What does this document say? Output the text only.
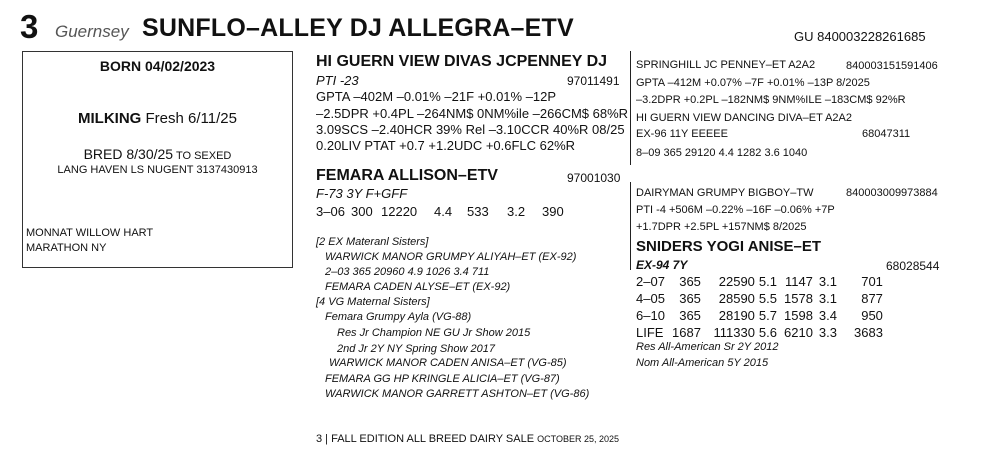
3 Guernsey SUNFLO–ALLEY DJ ALLEGRA–ETV	GU 840003228261685
BORN 04/02/2023
MILKING Fresh 6/11/25
BRED 8/30/25 TO SEXED
LANG HAVEN LS NUGENT 3137430913
MONNAT WILLOW HART
MARATHON NY
HI GUERN VIEW DIVAS JCPENNEY DJ
PTI -23	97011491
GPTA –402M –0.01% –21F +0.01% –12P
–2.5DPR +0.4PL –264NM$ 0NM%ile –266CM$ 68%R
3.09SCS –2.40HCR 39% Rel –3.10CCR 40%R 08/25
0.20LIV PTAT +0.7 +1.2UDC +0.6FLC 62%R
FEMARA ALLISON–ETV	97001030
F-73 3Y F+GFF
3–06	300	12220	4.4	533	3.2	390
[2 EX Materanl Sisters]
WARWICK MANOR GRUMPY ALIYAH–ET (EX-92)
2–03 365 20960 4.9 1026 3.4 711
FEMARA CADEN ALYSE–ET (EX-92)
[4 VG Maternal Sisters]
Femara Grumpy Ayla (VG-88)
Res Jr Champion NE GU Jr Show 2015
2nd Jr 2Y NY Spring Show 2017
WARWICK MANOR CADEN ANISA–ET (VG-85)
FEMARA GG HP KRINGLE ALICIA–ET (VG-87)
WARWICK MANOR GARRETT ASHTON–ET (VG-86)
SPRINGHILL JC PENNEY–ET A2A2	840003151591406
GPTA –412M +0.07% –7F +0.01% –13P 8/2025
–3.2DPR +0.2PL –182NM$ 9NM%ILE –183CM$ 92%R
HI GUERN VIEW DANCING DIVA–ET A2A2
EX-96 11Y EEEEE	68047311
8–09 365 29120 4.4 1282 3.6 1040
DAIRYMAN GRUMPY BIGBOY–TW	840003009973884
PTI -4 +506M –0.22% –16F –0.06% +7P
+1.7DPR +2.5PL +157NM$ 8/2025
SNIDERS YOGI ANISE–ET
EX-94 7Y	68028544
2–07	365	22590	5.1	1147	3.1	701
4–05	365	28590	5.5	1578	3.1	877
6–10	365	28190	5.7	1598	3.4	950
LIFE	1687	111330	5.6	6210	3.3	3683
Res All-American Sr 2Y 2012
Nom All-American 5Y 2015
3 | FALL EDITION ALL BREED DAIRY SALE OCTOBER 25, 2025
